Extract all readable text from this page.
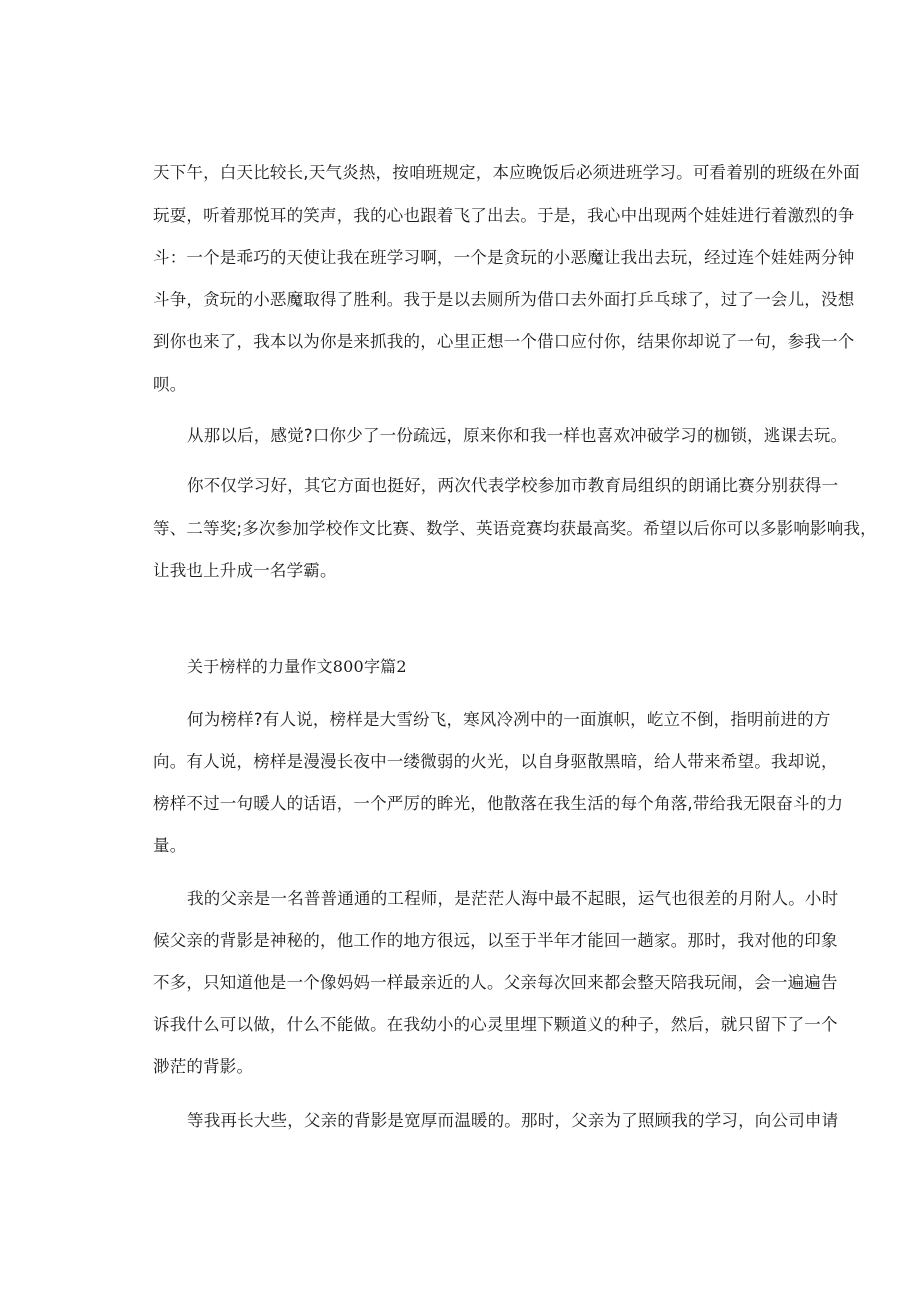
天下午，白天比较长,天气炎热，按咱班规定，本应晚饭后必须进班学习。可看着别的班级在外面
玩耍，听着那悦耳的笑声，我的心也跟着飞了出去。于是，我心中出现两个娃娃进行着激烈的争
斗：一个是乖巧的天使让我在班学习啊，一个是贪玩的小恶魔让我出去玩，经过连个娃娃两分钟
斗争，贪玩的小恶魔取得了胜利。我于是以去厕所为借口去外面打乒乓球了，过了一会儿，没想
到你也来了，我本以为你是来抓我的，心里正想一个借口应付你，结果你却说了一句，参我一个
呗。
从那以后，感觉?口你少了一份疏远，原来你和我一样也喜欢冲破学习的枷锁，逃课去玩。
你不仅学习好，其它方面也挺好，两次代表学校参加市教育局组织的朗诵比赛分别获得一
等、二等奖;多次参加学校作文比赛、数学、英语竞赛均获最高奖。希望以后你可以多影响影响我，
让我也上升成一名学霸。
关于榜样的力量作文800字篇2
何为榜样?有人说，榜样是大雪纷飞，寒风冷冽中的一面旗帜，屹立不倒，指明前进的方
向。有人说，榜样是漫漫长夜中一缕微弱的火光，以自身驱散黑暗，给人带来希望。我却说，
榜样不过一句暖人的话语，一个严厉的眸光，他散落在我生活的每个角落,带给我无限奋斗的力
量。
我的父亲是一名普普通通的工程师，是茫茫人海中最不起眼，运气也很差的月附人。小时
候父亲的背影是神秘的，他工作的地方很远，以至于半年才能回一趟家。那时，我对他的印象
不多，只知道他是一个像妈妈一样最亲近的人。父亲每次回来都会整天陪我玩闹，会一遍遍告
诉我什么可以做，什么不能做。在我幼小的心灵里埋下颗道义的种子，然后，就只留下了一个
渺茫的背影。
等我再长大些，父亲的背影是宽厚而温暖的。那时，父亲为了照顾我的学习，向公司申请
